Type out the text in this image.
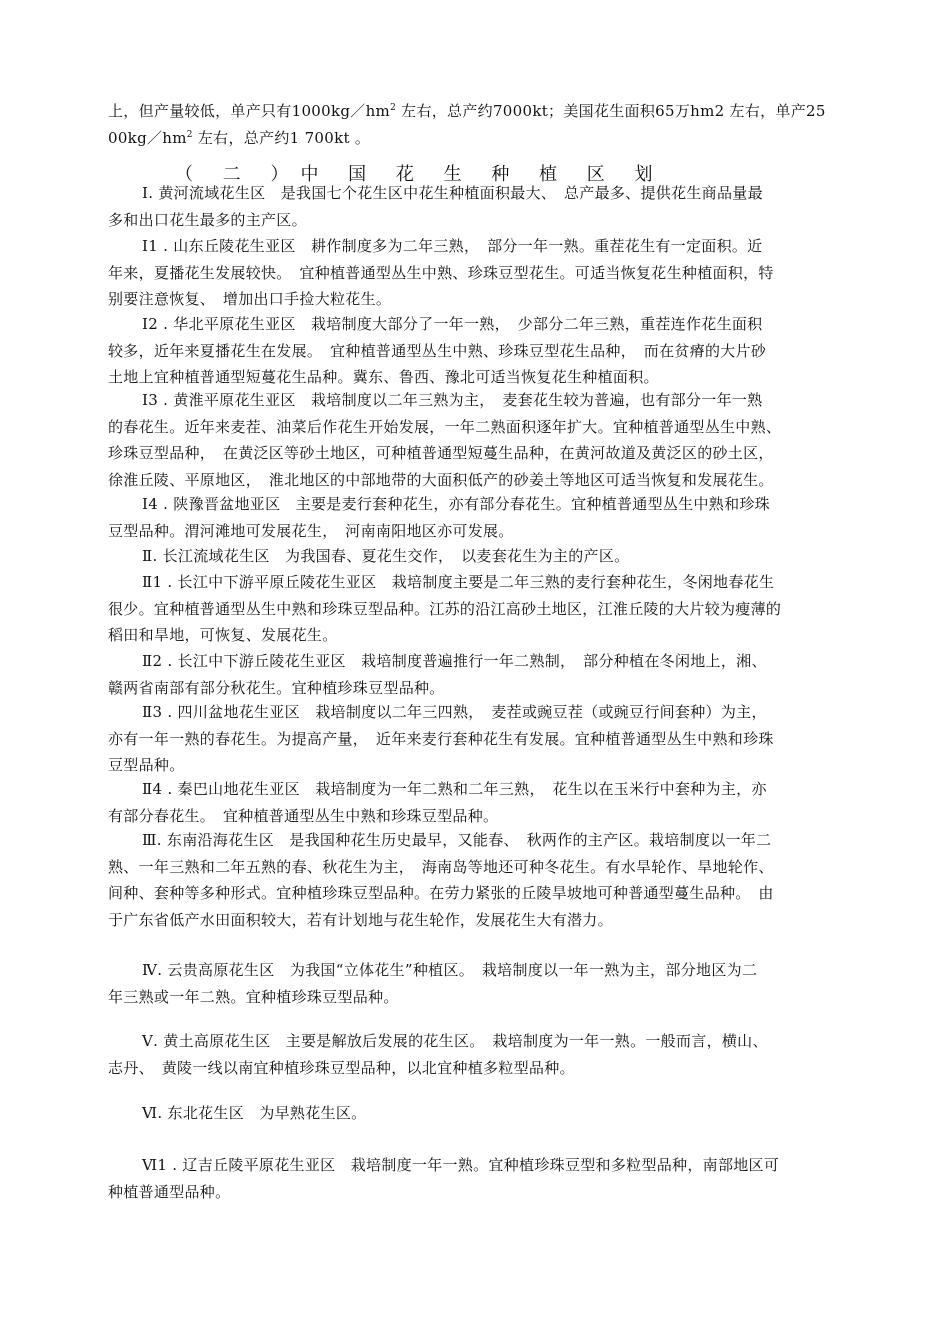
上，但产量较低，单产只有$1000kg/hm^2$ 左右，总产约7000kt；美国花生面积65万hm2 左右，单产25
$00kg/hm^2$ 左右，总产约1 700kt 。
（ 二 ）中 国 花 生 种 植 区 划
Ⅰ. 黄河流域花生区　是我国七个花生区中花生种植面积最大、　总产最多、提供花生商品量最
多和出口花生最多的主产区。
Ⅰ1 . 山东丘陵花生亚区　耕作制度多为二年三熟，　部分一年一熟。重茬花生有一定面积。近
年来，夏播花生发展较快。　宜种植普通型丛生中熟、珍珠豆型花生。可适当恢复花生种植面积，特
别要注意恢复、　增加出口手捡大粒花生。
Ⅰ2 . 华北平原花生亚区　栽培制度大部分了一年一熟，　少部分二年三熟，重茬连作花生面积
较多，近年来夏播花生在发展。　宜种植普通型丛生中熟、珍珠豆型花生品种，　而在贫瘠的大片砂
土地上宜种植普通型短蔓花生品种。冀东、鲁西、豫北可适当恢复花生种植面积。
Ⅰ3 . 黄淮平原花生亚区　栽培制度以二年三熟为主，　麦套花生较为普遍，也有部分一年一熟
的春花生。近年来麦茬、油菜后作花生开始发展，一年二熟面积逐年扩大。宜种植普通型丛生中熟、
珍珠豆型品种，　在黄泛区等砂土地区，可种植普通型短蔓生品种，在黄河故道及黄泛区的砂土区，
徐淮丘陵、平原地区，　淮北地区的中部地带的大面积低产的砂姜土等地区可适当恢复和发展花生。
Ⅰ4 . 陕豫晋盆地亚区　主要是麦行套种花生，亦有部分春花生。宜种植普通型丛生中熟和珍珠
豆型品种。渭河滩地可发展花生，　河南南阳地区亦可发展。
Ⅱ. 长江流域花生区　为我国春、夏花生交作，　以麦套花生为主的产区。
Ⅱ1 . 长江中下游平原丘陵花生亚区　栽培制度主要是二年三熟的麦行套种花生，冬闲地春花生
很少。宜种植普通型丛生中熟和珍珠豆型品种。江苏的沿江高砂土地区，江淮丘陵的大片较为瘦薄的
稻田和旱地，可恢复、发展花生。
Ⅱ2 . 长江中下游丘陵花生亚区　栽培制度普遍推行一年二熟制，　部分种植在冬闲地上，湘、
赣两省南部有部分秋花生。宜种植珍珠豆型品种。
Ⅱ3 . 四川盆地花生亚区　栽培制度以二年三四熟，　麦茬或豌豆茬（或豌豆行间套种）为主，
亦有一年一熟的春花生。为提高产量，　近年来麦行套种花生有发展。宜种植普通型丛生中熟和珍珠
豆型品种。
Ⅱ4 . 秦巴山地花生亚区　栽培制度为一年二熟和二年三熟，　花生以在玉米行中套种为主，亦
有部分春花生。　宜种植普通型丛生中熟和珍珠豆型品种。
Ⅲ. 东南沿海花生区　是我国种花生历史最早，又能春、　秋两作的主产区。栽培制度以一年二
熟、一年三熟和二年五熟的春、秋花生为主，　海南岛等地还可种冬花生。有水旱轮作、旱地轮作、
间种、套种等多种形式。宜种植珍珠豆型品种。在劳力紧张的丘陵旱坡地可种普通型蔓生品种。　由
于广东省低产水田面积较大，若有计划地与花生轮作，发展花生大有潜力。
Ⅳ. 云贵高原花生区　为我国“立体花生”种植区。　栽培制度以一年一熟为主，部分地区为二
年三熟或一年二熟。宜种植珍珠豆型品种。
Ⅴ. 黄土高原花生区　主要是解放后发展的花生区。　栽培制度为一年一熟。一般而言，横山、
志丹、　黄陵一线以南宜种植珍珠豆型品种，以北宜种植多粒型品种。
Ⅵ. 东北花生区　为早熟花生区。
Ⅵ1 . 辽吉丘陵平原花生亚区　栽培制度一年一熟。宜种植珍珠豆型和多粒型品种，南部地区可
种植普通型品种。
